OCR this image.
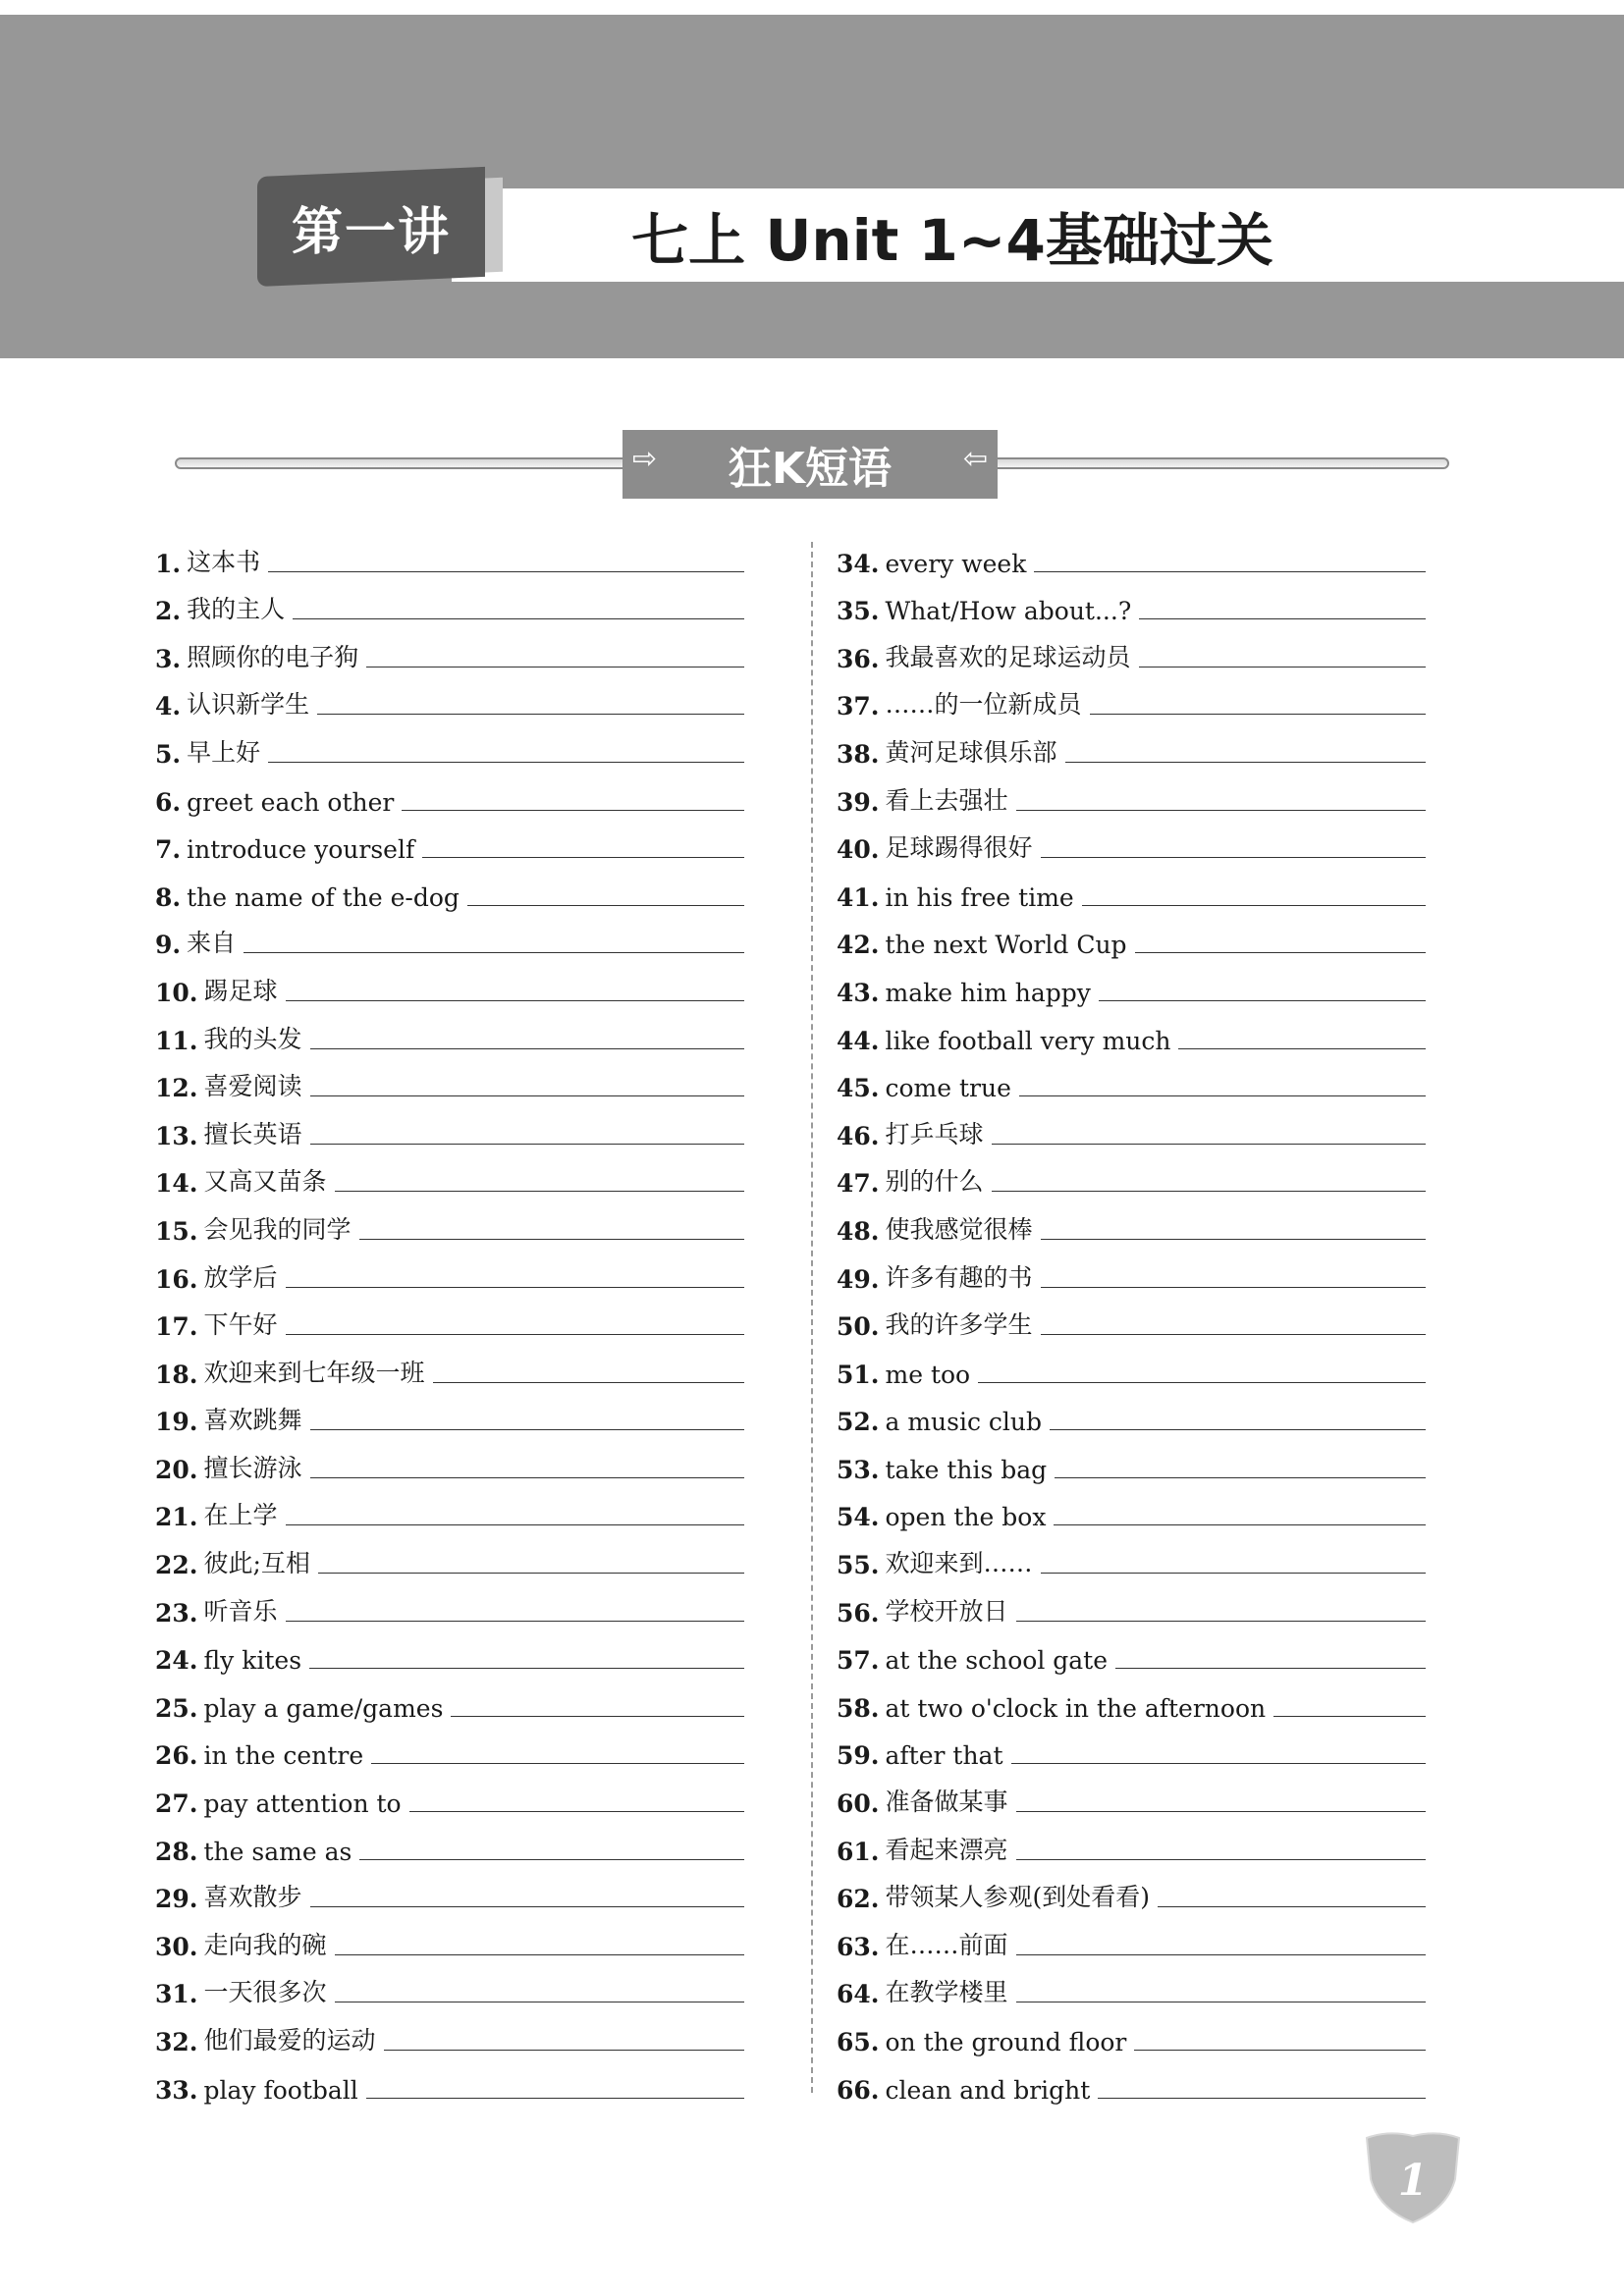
第一讲	七上 Unit 1~4基础过关
⇨ 狂K短语 ⇦
1. 这本书
2. 我的主人
3. 照顾你的电子狗
4. 认识新学生
5. 早上好
6. greet each other
7. introduce yourself
8. the name of the e-dog
9. 来自
10. 踢足球
11. 我的头发
12. 喜爱阅读
13. 擅长英语
14. 又高又苗条
15. 会见我的同学
16. 放学后
17. 下午好
18. 欢迎来到七年级一班
19. 喜欢跳舞
20. 擅长游泳
21. 在上学
22. 彼此;互相
23. 听音乐
24. fly kites
25. play a game/games
26. in the centre
27. pay attention to
28. the same as
29. 喜欢散步
30. 走向我的碗
31. 一天很多次
32. 他们最爱的运动
33. play football
34. every week
35. What/How about...?
36. 我最喜欢的足球运动员
37. ……的一位新成员
38. 黄河足球俱乐部
39. 看上去强壮
40. 足球踢得很好
41. in his free time
42. the next World Cup
43. make him happy
44. like football very much
45. come true
46. 打乒乓球
47. 别的什么
48. 使我感觉很棒
49. 许多有趣的书
50. 我的许多学生
51. me too
52. a music club
53. take this bag
54. open the box
55. 欢迎来到……
56. 学校开放日
57. at the school gate
58. at two o'clock in the afternoon
59. after that
60. 准备做某事
61. 看起来漂亮
62. 带领某人参观(到处看看)
63. 在……前面
64. 在教学楼里
65. on the ground floor
66. clean and bright
1
